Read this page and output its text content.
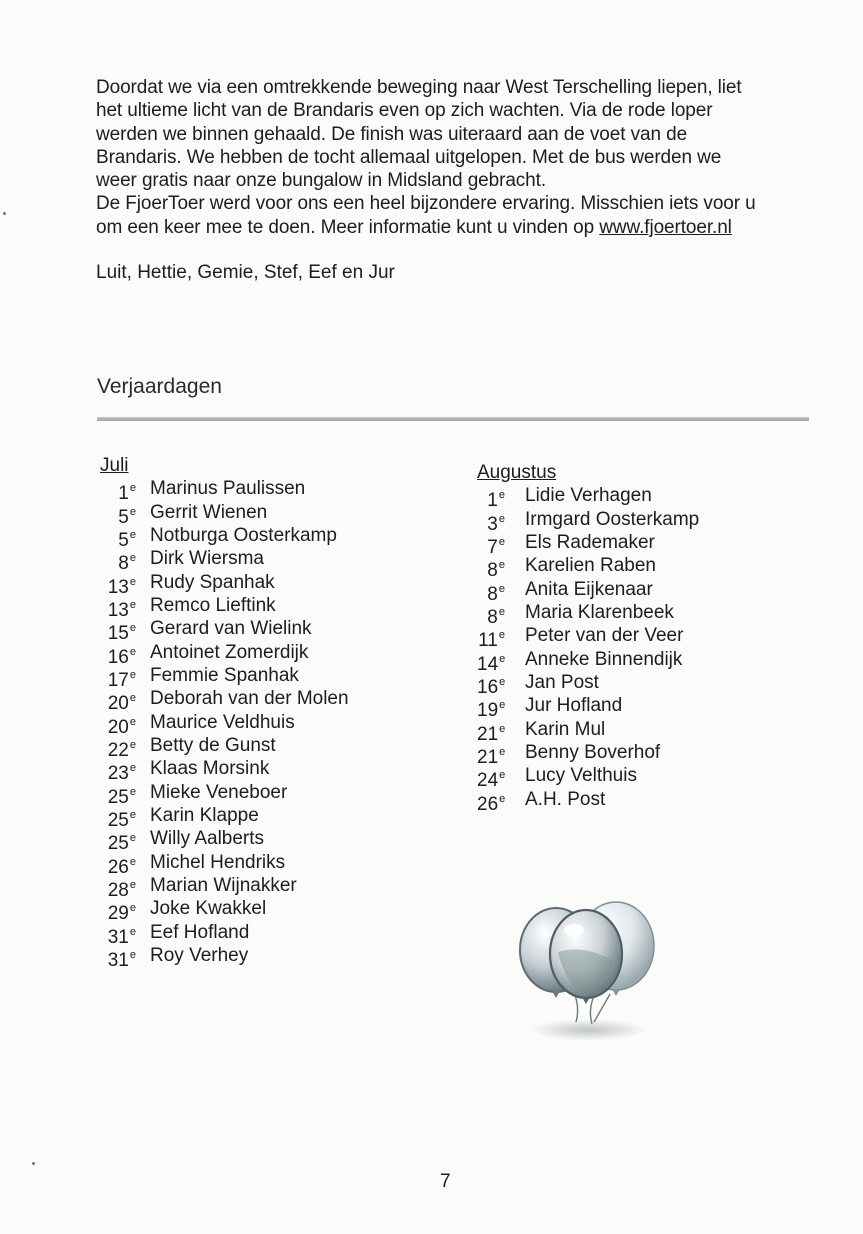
Doordat we via een omtrekkende beweging naar West Terschelling liepen, liet

het ultieme licht van de Brandaris even op zich wachten. Via de rode loper

werden we binnen gehaald. De finish was uiteraard aan de voet van de

Brandaris. We hebben de tocht allemaal uitgelopen. Met de bus werden we

weer gratis naar onze bungalow in Midsland gebracht.

De FjoerToer werd voor ons een heel bijzondere ervaring. Misschien iets voor u

om een keer mee te doen. Meer informatie kunt u vinden op www.fjoertoer.nl

Luit, Hettie, Gemie, Stef, Eef en Jur
Verjaardagen
Juli
1e Marinus Paulissen
5e Gerrit Wienen
5e Notburga Oosterkamp
8e Dirk Wiersma
13e Rudy Spanhak
13e Remco Lieftink
15e Gerard van Wielink
16e Antoinet Zomerdijk
17e Femmie Spanhak
20e Deborah van der Molen
20e Maurice Veldhuis
22e Betty de Gunst
23e Klaas Morsink
25e Mieke Veneboer
25e Karin Klappe
25e Willy Aalberts
26e Michel Hendriks
28e Marian Wijnakker
29e Joke Kwakkel
31e Eef Hofland
31e Roy Verhey
Augustus
1e Lidie Verhagen
3e Irmgard Oosterkamp
7e Els Rademaker
8e Karelien Raben
8e Anita Eijkenaar
8e Maria Klarenbeek
11e Peter van der Veer
14e Anneke Binnendijk
16e Jan Post
19e Jur Hofland
21e Karin Mul
21e Benny Boverhof
24e Lucy Velthuis
26e A.H. Post
7
